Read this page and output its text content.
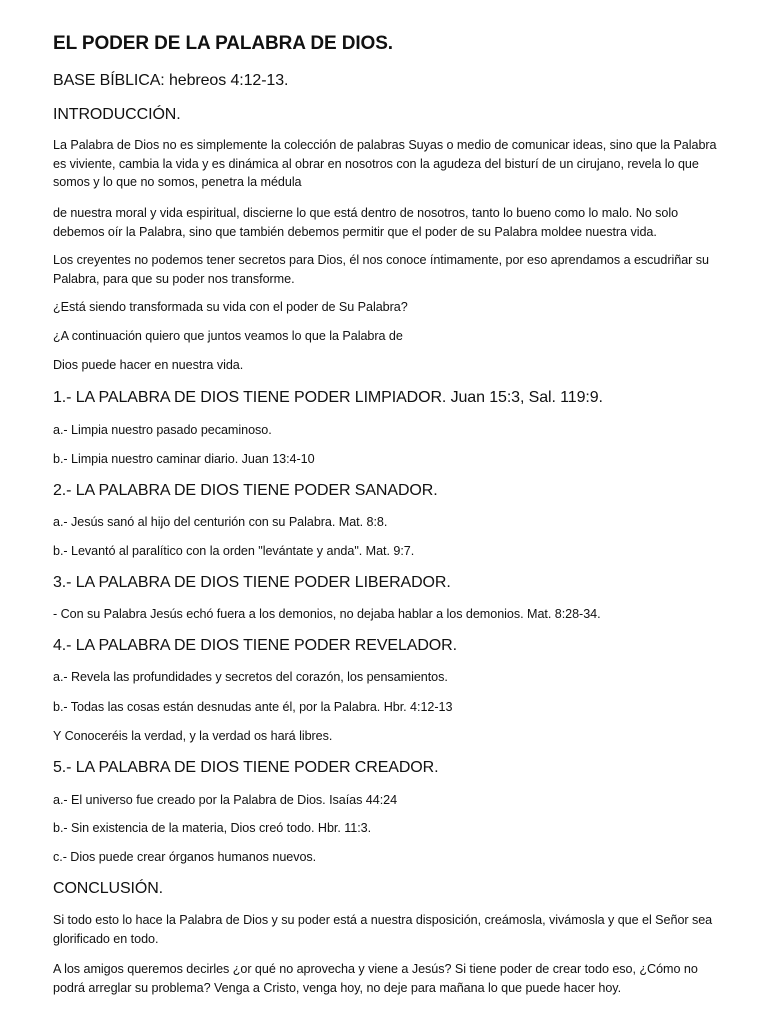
EL PODER DE LA PALABRA DE DIOS.
BASE BÍBLICA: hebreos 4:12-13.
INTRODUCCIÓN.

La Palabra de Dios no es simplemente la colección de palabras Suyas o medio de comunicar ideas, sino que la Palabra es viviente, cambia la vida y es dinámica al obrar en nosotros con la agudeza del bisturí de un cirujano, revela lo que somos y lo que no somos, penetra la médula

de nuestra moral y vida espiritual, discierne lo que está dentro de nosotros, tanto lo bueno como lo malo. No solo debemos oír la Palabra, sino que también debemos permitir que el poder de su Palabra moldee nuestra vida.

Los creyentes no podemos tener secretos para Dios, él nos conoce íntimamente, por eso aprendamos a escudriñar su Palabra, para que su poder nos transforme.

¿Está siendo transformada su vida con el poder de Su Palabra?

¿A continuación quiero que juntos veamos lo que la Palabra de

Dios puede hacer en nuestra vida.

1.- LA PALABRA DE DIOS TIENE PODER LIMPIADOR. Juan 15:3, Sal. 119:9.

a.- Limpia nuestro pasado pecaminoso.

b.- Limpia nuestro caminar diario. Juan 13:4-10

2.- LA PALABRA DE DIOS TIENE PODER SANADOR.

a.- Jesús sanó al hijo del centurión con su Palabra. Mat. 8:8.

b.- Levantó al paralítico con la orden "levántate y anda". Mat. 9:7.

3.- LA PALABRA DE DIOS TIENE PODER LIBERADOR.

- Con su Palabra Jesús echó fuera a los demonios, no dejaba hablar a los demonios. Mat. 8:28-34.

4.- LA PALABRA DE DIOS TIENE PODER REVELADOR.

a.- Revela las profundidades y secretos del corazón, los pensamientos.

b.- Todas las cosas están desnudas ante él, por la Palabra. Hbr. 4:12-13

Y Conoceréis la verdad, y la verdad os hará libres.

5.- LA PALABRA DE DIOS TIENE PODER CREADOR.

a.- El universo fue creado por la Palabra de Dios. Isaías 44:24

b.- Sin existencia de la materia, Dios creó todo. Hbr. 11:3.

c.- Dios puede crear órganos humanos nuevos.

CONCLUSIÓN.

Si todo esto lo hace la Palabra de Dios y su poder está a nuestra disposición, creámosla, vivámosla y que el Señor sea glorificado en todo.

A los amigos queremos decirles ¿or qué no aprovecha y viene a Jesús? Si tiene poder de crear todo eso, ¿Cómo no podrá arreglar su problema? Venga a Cristo, venga hoy, no deje para mañana lo que puede hacer hoy.
